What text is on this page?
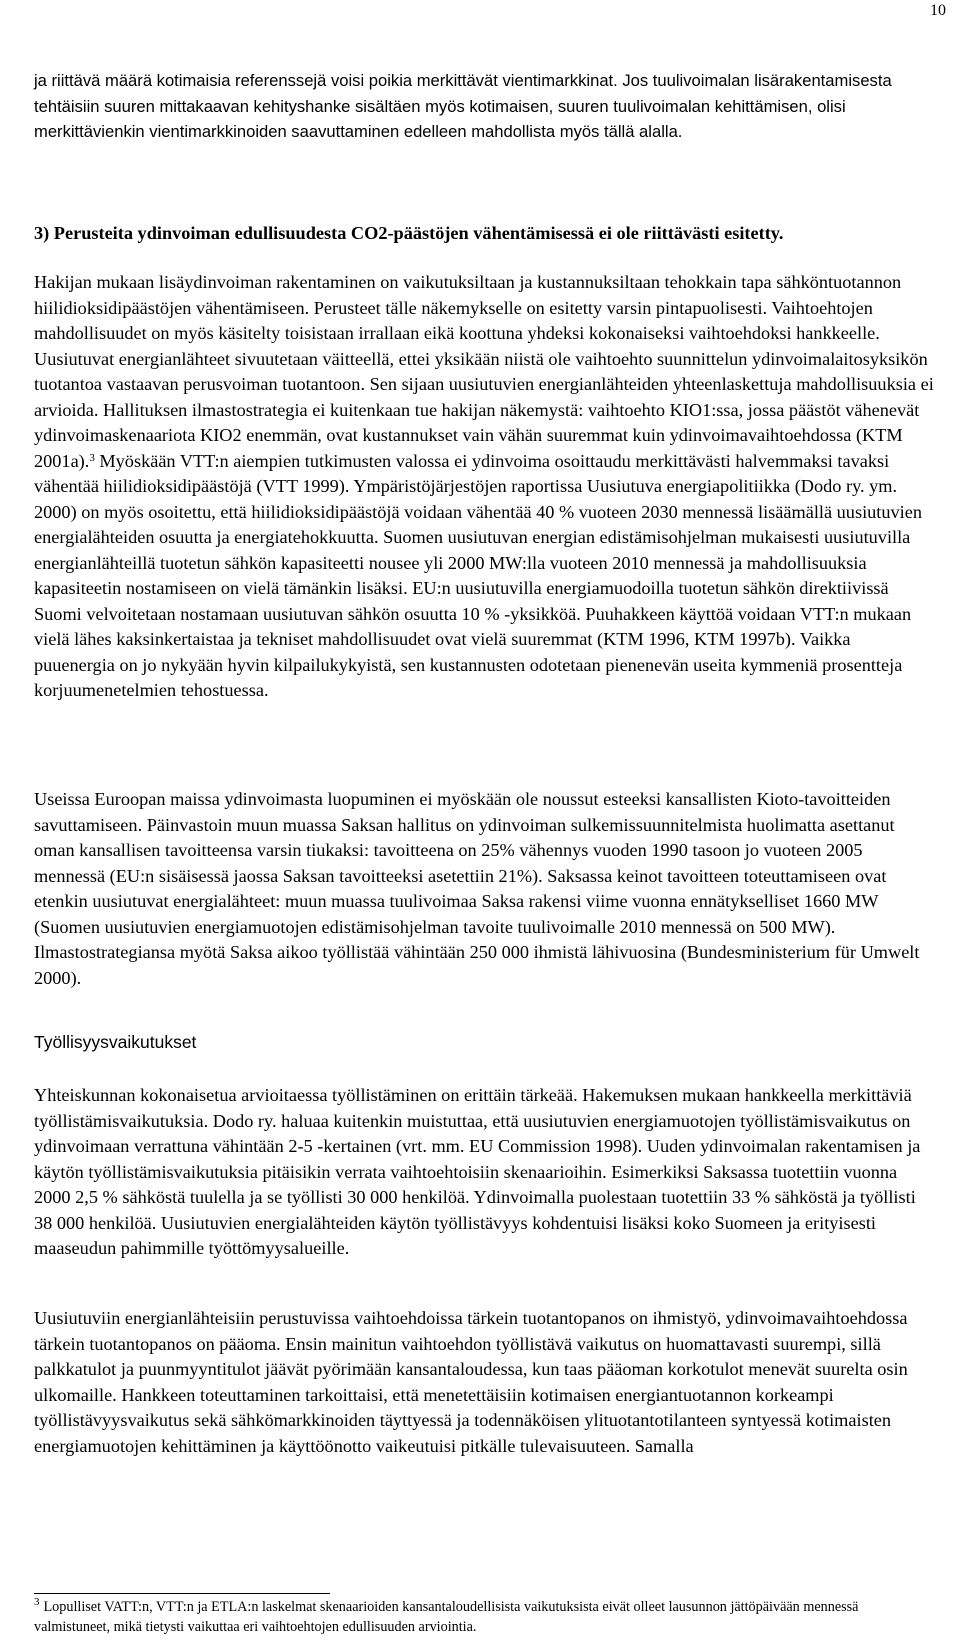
10

ja riittävä määrä kotimaisia referenssejä voisi poikia merkittävät vientimarkkinat. Jos tuulivoimalan lisärakentamisesta tehtäisiin suuren mittakaavan kehityshanke sisältäen myös kotimaisen, suuren tuulivoimalan kehittämisen, olisi merkittävienkin vientimarkkinoiden saavuttaminen edelleen mahdollista myös tällä alalla.

3) Perusteita ydinvoiman edullisuudesta CO2-päästöjen vähentämisessä ei ole riittävästi esitetty.

Hakijan mukaan lisäydinvoiman rakentaminen on vaikutuksiltaan ja kustannuksiltaan tehokkain tapa sähköntuotannon hiilidioksidipäästöjen vähentämiseen. Perusteet tälle näkemykselle on esitetty varsin pintapuolisesti. Vaihtoehtojen mahdollisuudet on myös käsitelty toisistaan irrallaan eikä koottuna yhdeksi kokonaiseksi vaihtoehdoksi hankkeelle. Uusiutuvat energianlähteet sivuutetaan väitteellä, ettei yksikään niistä ole vaihtoehto suunnittelun ydinvoimalaitosyksikön tuotantoa vastaavan perusvoiman tuotantoon. Sen sijaan uusiutuvien energianlähteiden yhteenlaskettuja mahdollisuuksia ei arvioida. Hallituksen ilmastostrategia ei kuitenkaan tue hakijan näkemystä: vaihtoehto KIO1:ssa, jossa päästöt vähenevät ydinvoimaskenaariota KIO2 enemmän, ovat kustannukset vain vähän suuremmat kuin ydinvoimavaihtoehdossa (KTM 2001a).$^3$ Myöskään VTT:n aiempien tutkimusten valossa ei ydinvoima osoittaudu merkittävästi halvemmaksi tavaksi vähentää hiilidioksidipäästöjä (VTT 1999). Ympäristöjärjestöjen raportissa Uusiutuva energiapolitiikka (Dodo ry. ym. 2000) on myös osoitettu, että hiilidioksidipäästöjä voidaan vähentää 40 % vuoteen 2030 mennessä lisäämällä uusiutuvien energialähteiden osuutta ja energiatehokkuutta. Suomen uusiutuvan energian edistämisohjelman mukaisesti uusiutuvilla energianlähteillä tuotetun sähkön kapasiteetti nousee yli 2000 MW:lla vuoteen 2010 mennessä ja mahdollisuuksia kapasiteetin nostamiseen on vielä tämänkin lisäksi. EU:n uusiutuvilla energiamuodoilla tuotetun sähkön direktiivissä Suomi velvoitetaan nostamaan uusiutuvan sähkön osuutta 10 % -yksikköä. Puuhakkeen käyttöä voidaan VTT:n mukaan vielä lähes kaksinkertaistaa ja tekniset mahdollisuudet ovat vielä suuremmat (KTM 1996, KTM 1997b). Vaikka puuenergia on jo nykyään hyvin kilpailukykyistä, sen kustannusten odotetaan pienenevän useita kymmeniä prosentteja korjuumenetelmien tehostuessa.

Useissa Euroopan maissa ydinvoimasta luopuminen ei myöskään ole noussut esteeksi kansallisten Kioto-tavoitteiden savuttamiseen. Päinvastoin muun muassa Saksan hallitus on ydinvoiman sulkemissuunnitelmista huolimatta asettanut oman kansallisen tavoitteensa varsin tiukaksi: tavoitteena on 25% vähennys vuoden 1990 tasoon jo vuoteen 2005 mennessä (EU:n sisäisessä jaossa Saksan tavoitteeksi asetettiin 21%). Saksassa keinot tavoitteen toteuttamiseen ovat etenkin uusiutuvat energialähteet: muun muassa tuulivoimaa Saksa rakensi viime vuonna ennätykselliset 1660 MW (Suomen uusiutuvien energiamuotojen edistämisohjelman tavoite tuulivoimalle 2010 mennessä on 500 MW). Ilmastostrategiansa myötä Saksa aikoo työllistää vähintään 250 000 ihmistä lähivuosina (Bundesministerium für Umwelt 2000).

Työllisyysvaikutukset

Yhteiskunnan kokonaisetua arvioitaessa työllistäminen on erittäin tärkeää. Hakemuksen mukaan hankkeella merkittäviä työllistämisvaikutuksia. Dodo ry. haluaa kuitenkin muistuttaa, että uusiutuvien energiamuotojen työllistämisvaikutus on ydinvoimaan verrattuna vähintään 2-5 -kertainen (vrt. mm. EU Commission 1998). Uuden ydinvoimalan rakentamisen ja käytön työllistämisvaikutuksia pitäisikin verrata vaihtoehtoisiin skenaarioihin. Esimerkiksi Saksassa tuotettiin vuonna 2000 2,5 % sähköstä tuulella ja se työllisti 30 000 henkilöä. Ydinvoimalla puolestaan tuotettiin 33 % sähköstä ja työllisti 38 000 henkilöä. Uusiutuvien energialähteiden käytön työllistävyys kohdentuisi lisäksi koko Suomeen ja erityisesti maaseudun pahimmille työttömyysalueille.

Uusiutuviin energianlähteisiin perustuvissa vaihtoehdoissa tärkein tuotantopanos on ihmistyö, ydinvoimavaihtoehdossa tärkein tuotantopanos on pääoma. Ensin mainitun vaihtoehdon työllistävä vaikutus on huomattavasti suurempi, sillä palkkatulot ja puunmyyntitulot jäävät pyörimään kansantaloudessa, kun taas pääoman korkotulot menevät suurelta osin ulkomaille. Hankkeen toteuttaminen tarkoittaisi, että menetettäisiin kotimaisen energiantuotannon korkeampi työllistävyysvaikutus sekä sähkömarkkinoiden täyttyessä ja todennäköisen ylituotantotilanteen syntyessä kotimaisten energiamuotojen kehittäminen ja käyttöönotto vaikeutuisi pitkälle tulevaisuuteen. Samalla

$^3$ Lopulliset VATT:n, VTT:n ja ETLA:n laskelmat skenaarioiden kansantaloudellisista vaikutuksista eivät olleet lausunnon jättöpäivään mennessä valmistuneet, mikä tietysti vaikuttaa eri vaihtoehtojen edullisuuden arviointia.
